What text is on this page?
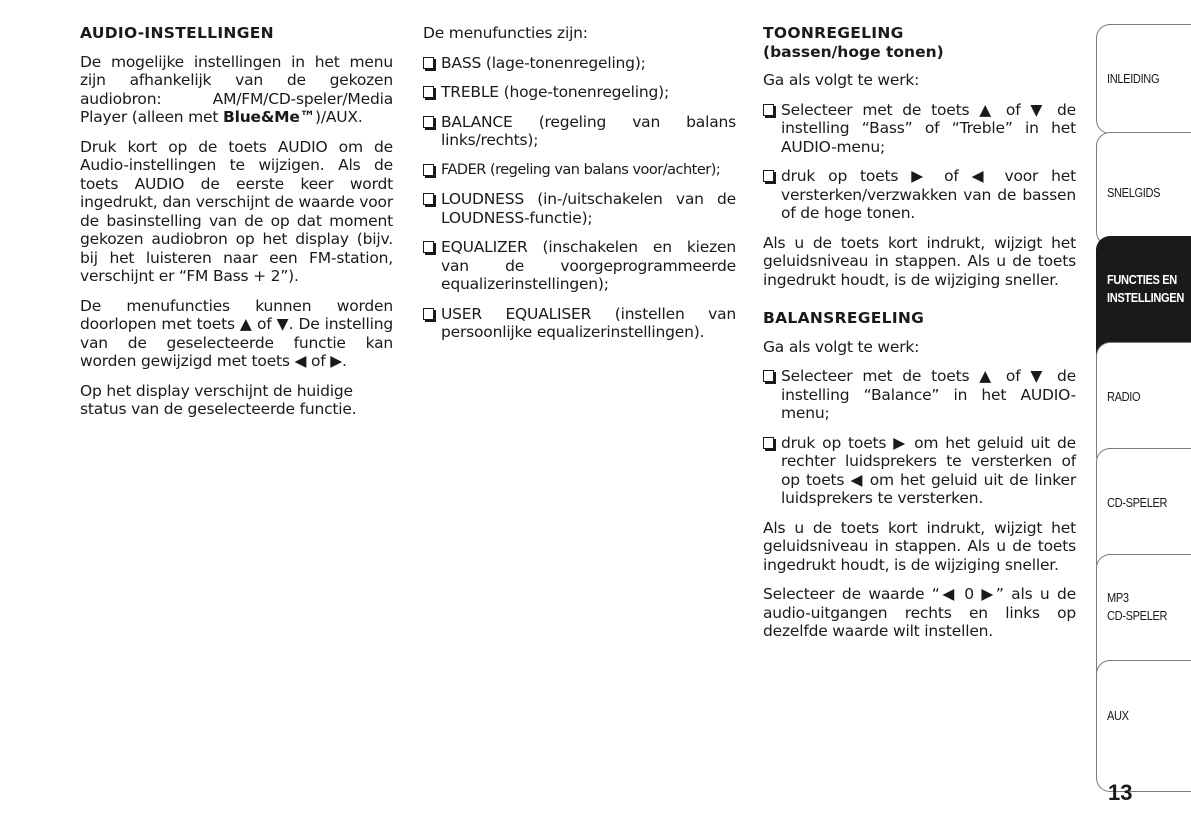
AUDIO-INSTELLINGEN

De mogelijke instellingen in het menu zijn afhankelijk van de gekozen audiobron: AM/FM/CD-speler/Media Player (alleen met Blue&Me™)/AUX.

Druk kort op de toets AUDIO om de Audio-instellingen te wijzigen. Als de toets AUDIO de eerste keer wordt ingedrukt, dan verschijnt de waarde voor de basinstelling van de op dat moment gekozen audiobron op het display (bijv. bij het luisteren naar een FM-station, verschijnt er “FM Bass + 2”).

De menufuncties kunnen worden doorlopen met toets ▲ of ▼. De instelling van de geselecteerde functie kan worden gewijzigd met toets ◀ of ▶.

Op het display verschijnt de huidige status van de geselecteerde functie.

De menufuncties zijn:

BASS (lage-tonenregeling);
TREBLE (hoge-tonenregeling);
BALANCE (regeling van balans links/rechts);
FADER (regeling van balans voor/achter);
LOUDNESS (in-/uitschakelen van de LOUDNESS-functie);
EQUALIZER (inschakelen en kiezen van de voorgeprogrammeerde equalizerinstellingen);
USER EQUALISER (instellen van persoonlijke equalizerinstellingen).
TOONREGELING
(bassen/hoge tonen)

Ga als volgt te werk:

Selecteer met de toets ▲ of ▼ de instelling “Bass” of “Treble” in het AUDIO-menu;
druk op toets ▶ of ◀ voor het versterken/verzwakken van de bassen of de hoge tonen.

Als u de toets kort indrukt, wijzigt het geluidsniveau in stappen. Als u de toets ingedrukt houdt, is de wijziging sneller.

BALANSREGELING

Ga als volgt te werk:

Selecteer met de toets ▲ of ▼ de instelling “Balance” in het AUDIO-menu;
druk op toets ▶ om het geluid uit de rechter luidsprekers te versterken of op toets ◀ om het geluid uit de linker luidsprekers te versterken.

Als u de toets kort indrukt, wijzigt het geluidsniveau in stappen. Als u de toets ingedrukt houdt, is de wijziging sneller.

Selecteer de waarde “◀ 0 ▶” als u de audio-uitgangen rechts en links op dezelfde waarde wilt instellen.

INLEIDING
SNELGIDS
FUNCTIES EN
INSTELLINGEN
RADIO
CD-SPELER
MP3
CD-SPELER
AUX
13
